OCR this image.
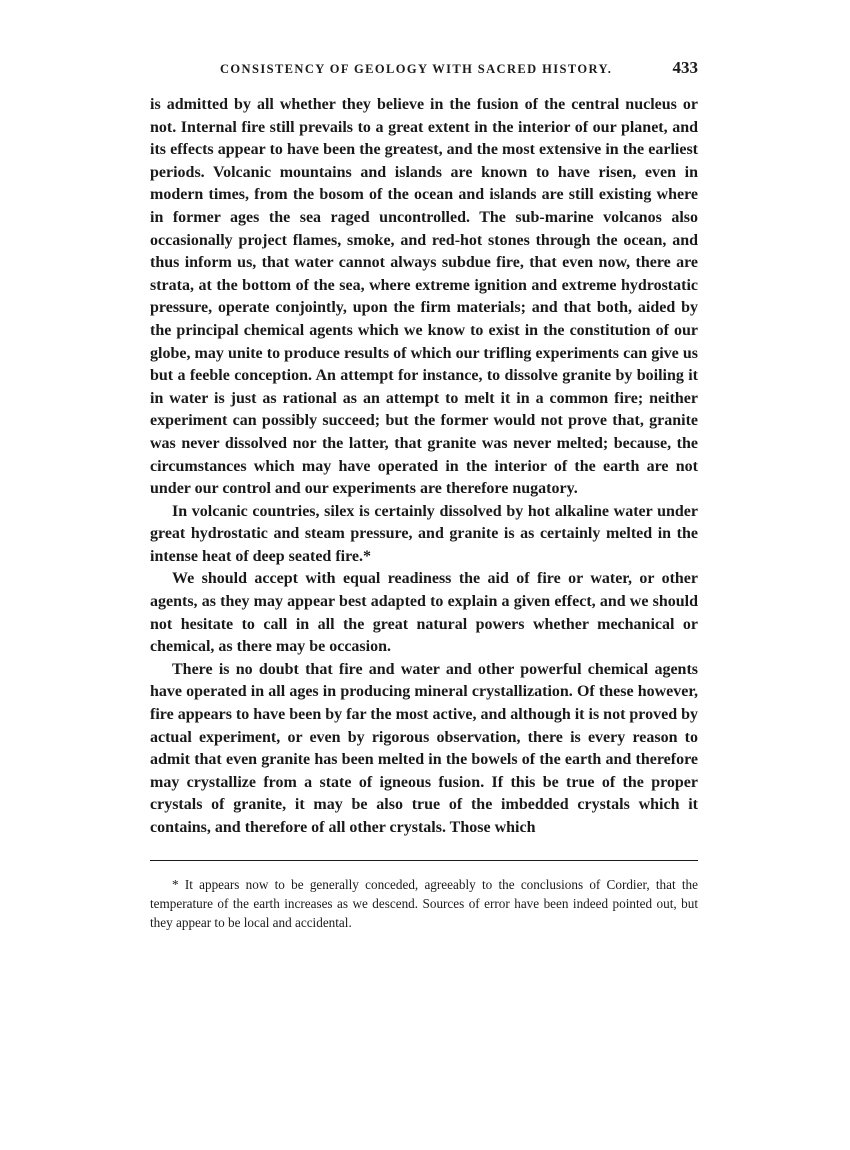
CONSISTENCY OF GEOLOGY WITH SACRED HISTORY.	433

is admitted by all whether they believe in the fusion of the central nucleus or not. Internal fire still prevails to a great extent in the interior of our planet, and its effects appear to have been the greatest, and the most extensive in the earliest periods. Volcanic mountains and islands are known to have risen, even in modern times, from the bosom of the ocean and islands are still existing where in former ages the sea raged uncontrolled. The sub-marine volcanos also occasionally project flames, smoke, and red-hot stones through the ocean, and thus inform us, that water cannot always subdue fire, that even now, there are strata, at the bottom of the sea, where extreme ignition and extreme hydrostatic pressure, operate conjointly, upon the firm materials; and that both, aided by the principal chemical agents which we know to exist in the constitution of our globe, may unite to produce results of which our trifling experiments can give us but a feeble conception. An attempt for instance, to dissolve granite by boiling it in water is just as rational as an attempt to melt it in a common fire; neither experiment can possibly succeed; but the former would not prove that, granite was never dissolved nor the latter, that granite was never melted; because, the circumstances which may have operated in the interior of the earth are not under our control and our experiments are therefore nugatory.

In volcanic countries, silex is certainly dissolved by hot alkaline water under great hydrostatic and steam pressure, and granite is as certainly melted in the intense heat of deep seated fire.*

We should accept with equal readiness the aid of fire or water, or other agents, as they may appear best adapted to explain a given effect, and we should not hesitate to call in all the great natural powers whether mechanical or chemical, as there may be occasion.

There is no doubt that fire and water and other powerful chemical agents have operated in all ages in producing mineral crystallization. Of these however, fire appears to have been by far the most active, and although it is not proved by actual experiment, or even by rigorous observation, there is every reason to admit that even granite has been melted in the bowels of the earth and therefore may crystallize from a state of igneous fusion. If this be true of the proper crystals of granite, it may be also true of the imbedded crystals which it contains, and therefore of all other crystals. Those which

* It appears now to be generally conceded, agreeably to the conclusions of Cordier, that the temperature of the earth increases as we descend. Sources of error have been indeed pointed out, but they appear to be local and accidental.
